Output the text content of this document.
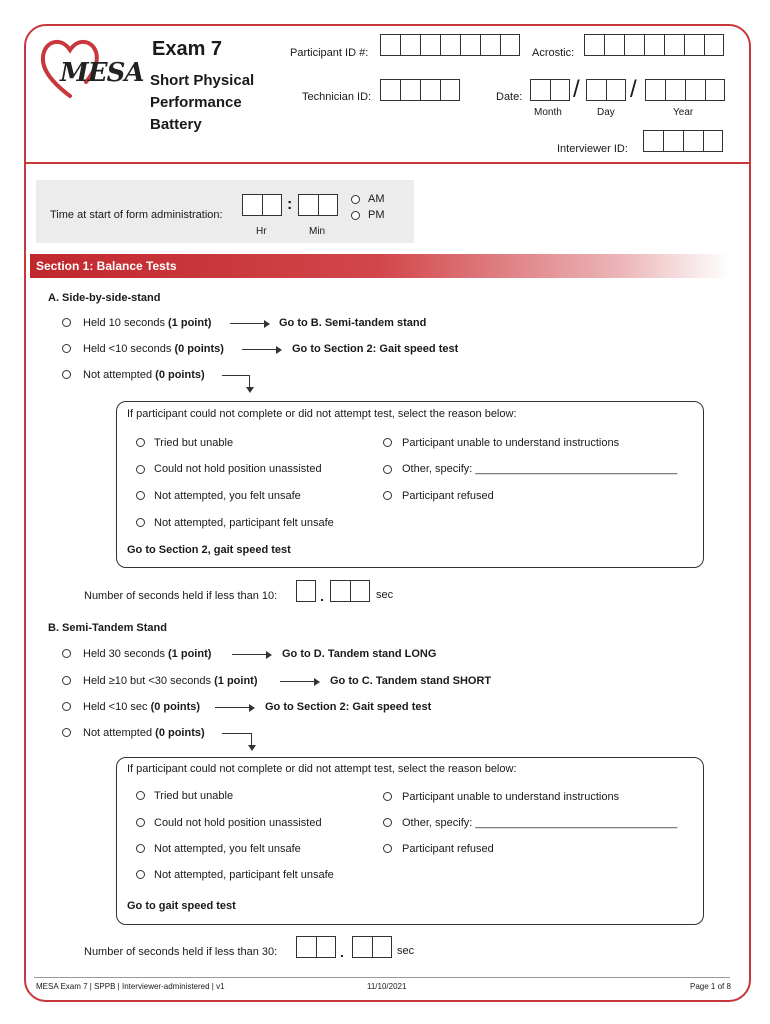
MESA
Exam 7
Short Physical
Performance
Battery
Participant ID #:	Acrostic:
Technician ID:	Date: / /
Month	Day	Year
Interviewer ID:
Time at start of form administration:
:
Hr	Min
AM
PM
Section 1: Balance Tests
A. Side-by-side-stand
Held 10 seconds (1 point)	Go to B. Semi-tandem stand
Held <10 seconds (0 points)	Go to Section 2: Gait speed test
Not attempted (0 points)
If participant could not complete or did not attempt test, select the reason below:
Tried but unable
Could not hold position unassisted
Not attempted, you felt unsafe
Not attempted, participant felt unsafe
Participant unable to understand instructions
Other, specify: _________________________________
Participant refused
Go to Section 2, gait speed test
Number of seconds held if less than 10:	.	sec
B. Semi-Tandem Stand
Held 30 seconds (1 point)	Go to D. Tandem stand LONG
Held ≥10 but <30 seconds (1 point)	Go to C. Tandem stand SHORT
Held <10 sec (0 points)	Go to Section 2: Gait speed test
Not attempted (0 points)
If participant could not complete or did not attempt test, select the reason below:
Tried but unable
Could not hold position unassisted
Not attempted, you felt unsafe
Not attempted, participant felt unsafe
Participant unable to understand instructions
Other, specify: _________________________________
Participant refused
Go to gait speed test
Number of seconds held if less than 30:	.	sec
MESA Exam 7 | SPPB | Interviewer-administered | v1	11/10/2021	Page 1 of 8
